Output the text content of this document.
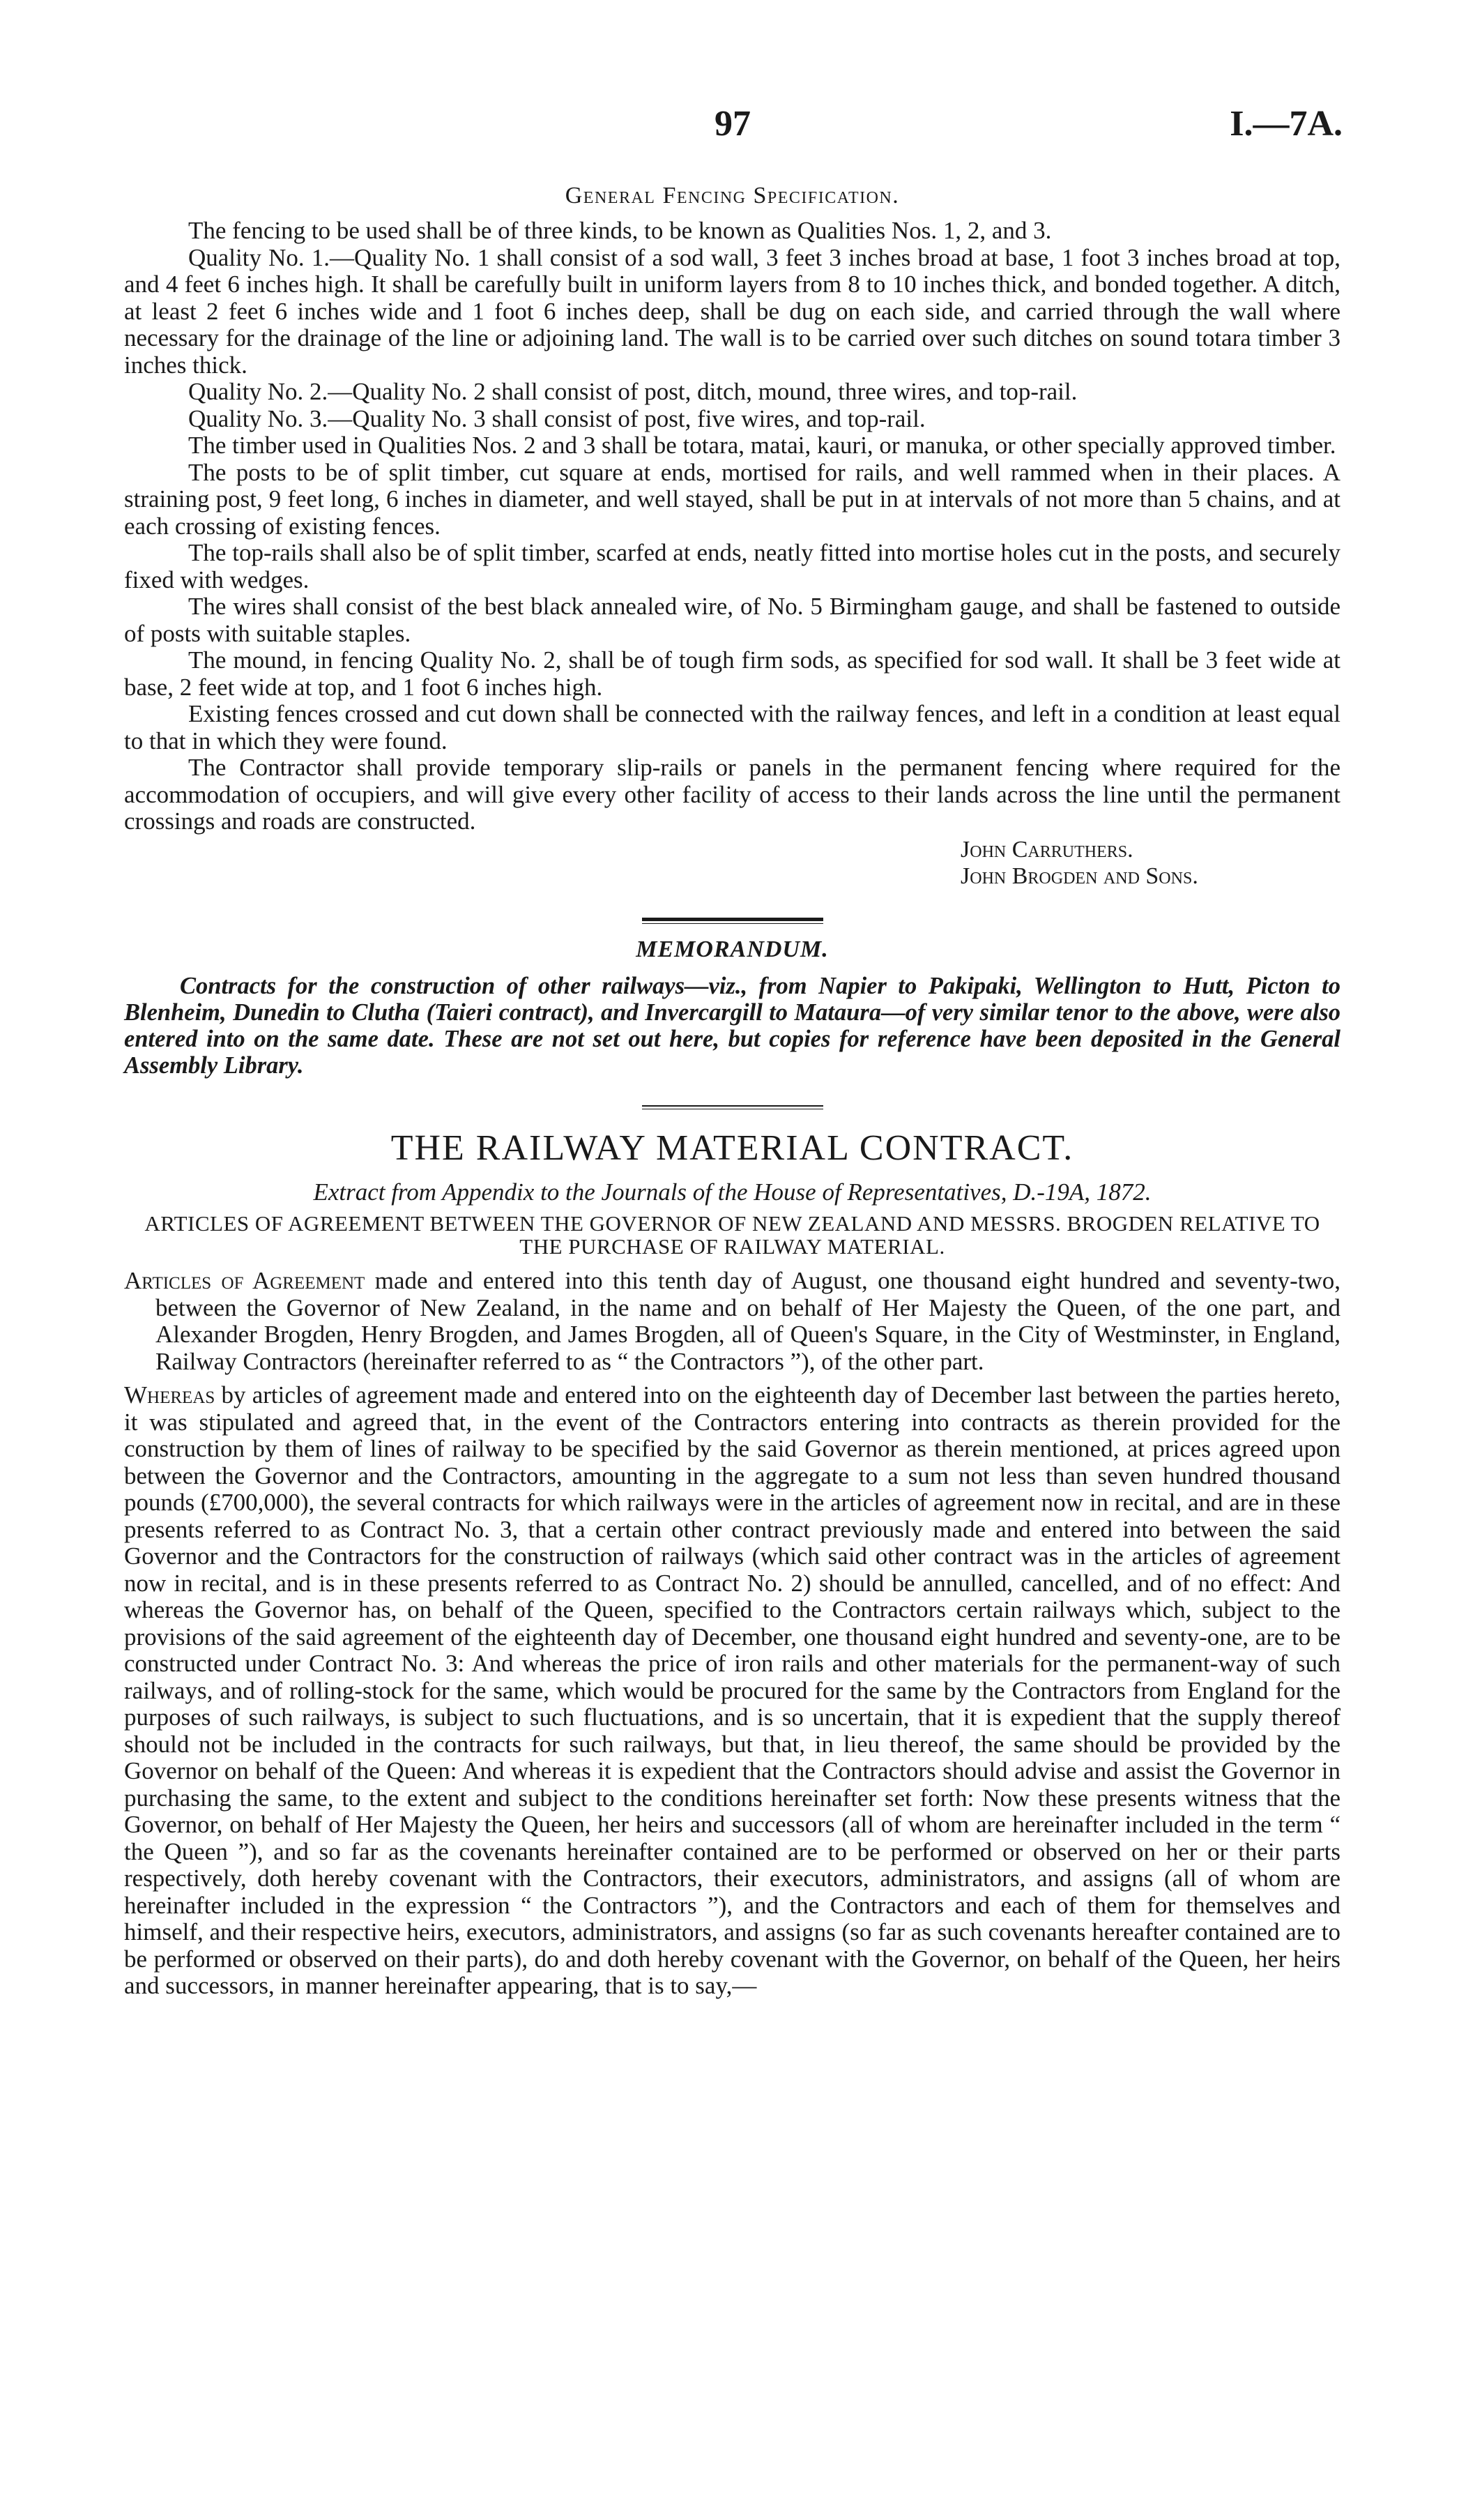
97	I.—7A.
General Fencing Specification.

The fencing to be used shall be of three kinds, to be known as Qualities Nos. 1, 2, and 3.

Quality No. 1.—Quality No. 1 shall consist of a sod wall, 3 feet 3 inches broad at base, 1 foot 3 inches broad at top, and 4 feet 6 inches high. It shall be carefully built in uniform layers from 8 to 10 inches thick, and bonded together. A ditch, at least 2 feet 6 inches wide and 1 foot 6 inches deep, shall be dug on each side, and carried through the wall where necessary for the drainage of the line or adjoining land. The wall is to be carried over such ditches on sound totara timber 3 inches thick.

Quality No. 2.—Quality No. 2 shall consist of post, ditch, mound, three wires, and top-rail.

Quality No. 3.—Quality No. 3 shall consist of post, five wires, and top-rail.

The timber used in Qualities Nos. 2 and 3 shall be totara, matai, kauri, or manuka, or other specially approved timber.

The posts to be of split timber, cut square at ends, mortised for rails, and well rammed when in their places. A straining post, 9 feet long, 6 inches in diameter, and well stayed, shall be put in at intervals of not more than 5 chains, and at each crossing of existing fences.

The top-rails shall also be of split timber, scarfed at ends, neatly fitted into mortise holes cut in the posts, and securely fixed with wedges.

The wires shall consist of the best black annealed wire, of No. 5 Birmingham gauge, and shall be fastened to outside of posts with suitable staples.

The mound, in fencing Quality No. 2, shall be of tough firm sods, as specified for sod wall. It shall be 3 feet wide at base, 2 feet wide at top, and 1 foot 6 inches high.

Existing fences crossed and cut down shall be connected with the railway fences, and left in a condition at least equal to that in which they were found.

The Contractor shall provide temporary slip-rails or panels in the permanent fencing where required for the accommodation of occupiers, and will give every other facility of access to their lands across the line until the permanent crossings and roads are constructed.

John Carruthers.
John Brogden and Sons.
MEMORANDUM.

Contracts for the construction of other railways—viz., from Napier to Pakipaki, Wellington to Hutt, Picton to Blenheim, Dunedin to Clutha (Taieri contract), and Invercargill to Mataura—of very similar tenor to the above, were also entered into on the same date. These are not set out here, but copies for reference have been deposited in the General Assembly Library.

THE RAILWAY MATERIAL CONTRACT.
Extract from Appendix to the Journals of the House of Representatives, D.-19A, 1872.
ARTICLES OF AGREEMENT BETWEEN THE GOVERNOR OF NEW ZEALAND AND MESSRS. BROGDEN RELATIVE TO THE PURCHASE OF RAILWAY MATERIAL.

Articles of Agreement made and entered into this tenth day of August, one thousand eight hundred and seventy-two, between the Governor of New Zealand, in the name and on behalf of Her Majesty the Queen, of the one part, and Alexander Brogden, Henry Brogden, and James Brogden, all of Queen's Square, in the City of Westminster, in England, Railway Contractors (hereinafter referred to as “ the Contractors ”), of the other part.

Whereas by articles of agreement made and entered into on the eighteenth day of December last between the parties hereto, it was stipulated and agreed that, in the event of the Contractors entering into contracts as therein provided for the construction by them of lines of railway to be specified by the said Governor as therein mentioned, at prices agreed upon between the Governor and the Contractors, amounting in the aggregate to a sum not less than seven hundred thousand pounds (£700,000), the several contracts for which railways were in the articles of agreement now in recital, and are in these presents referred to as Contract No. 3, that a certain other contract previously made and entered into between the said Governor and the Contractors for the construction of railways (which said other contract was in the articles of agreement now in recital, and is in these presents referred to as Contract No. 2) should be annulled, cancelled, and of no effect: And whereas the Governor has, on behalf of the Queen, specified to the Contractors certain railways which, subject to the provisions of the said agreement of the eighteenth day of December, one thousand eight hundred and seventy-one, are to be constructed under Contract No. 3: And whereas the price of iron rails and other materials for the permanent-way of such railways, and of rolling-stock for the same, which would be procured for the same by the Contractors from England for the purposes of such railways, is subject to such fluctuations, and is so uncertain, that it is expedient that the supply thereof should not be included in the contracts for such railways, but that, in lieu thereof, the same should be provided by the Governor on behalf of the Queen: And whereas it is expedient that the Contractors should advise and assist the Governor in purchasing the same, to the extent and subject to the conditions hereinafter set forth: Now these presents witness that the Governor, on behalf of Her Majesty the Queen, her heirs and successors (all of whom are hereinafter included in the term “ the Queen ”), and so far as the covenants hereinafter contained are to be performed or observed on her or their parts respectively, doth hereby covenant with the Contractors, their executors, administrators, and assigns (all of whom are hereinafter included in the expression “ the Contractors ”), and the Contractors and each of them for themselves and himself, and their respective heirs, executors, administrators, and assigns (so far as such covenants hereafter contained are to be performed or observed on their parts), do and doth hereby covenant with the Governor, on behalf of the Queen, her heirs and successors, in manner hereinafter appearing, that is to say,—
